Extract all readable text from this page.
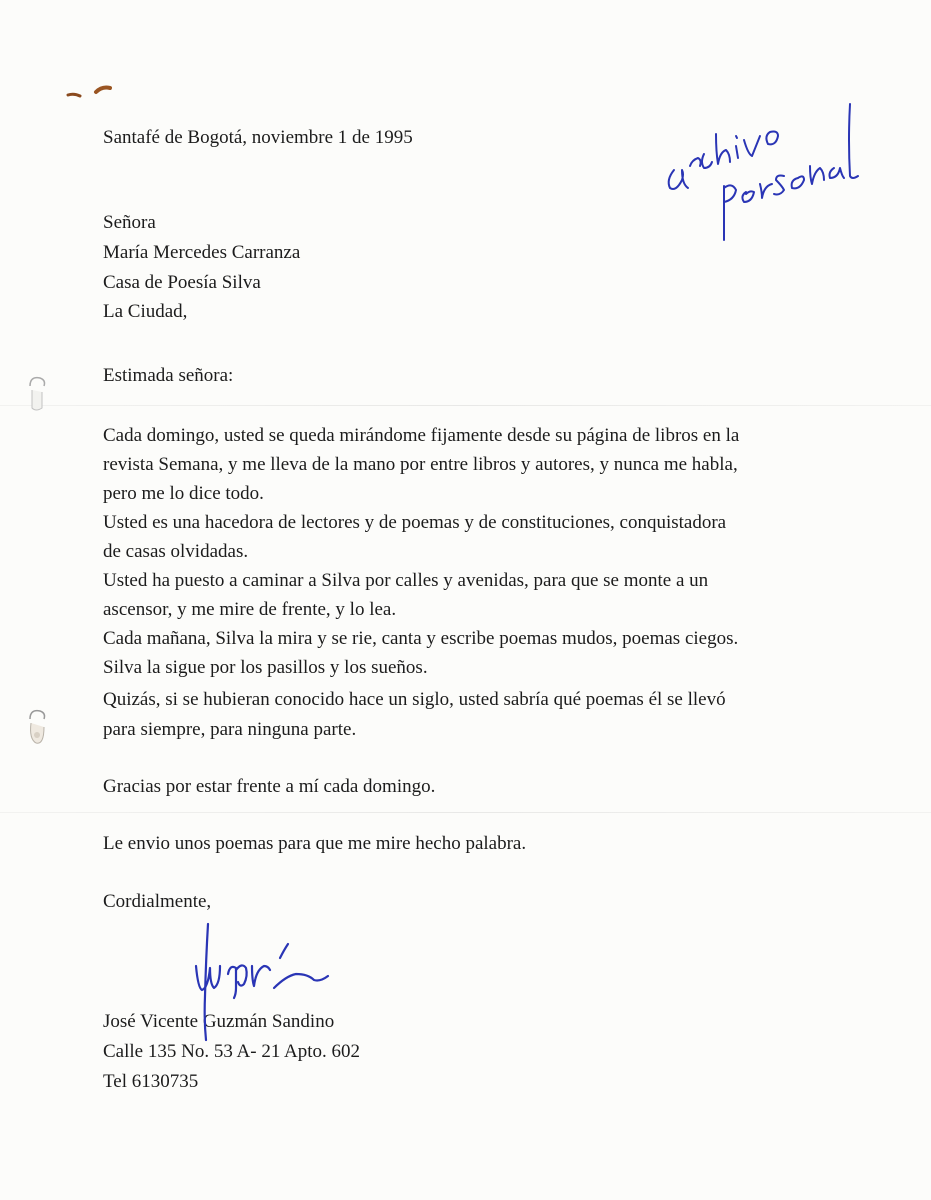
Santafé de Bogotá, noviembre 1 de 1995
Señora
María Mercedes Carranza
Casa de Poesía Silva
La Ciudad,
Estimada señora:
Cada domingo, usted se queda mirándome fijamente desde su página de libros en la
revista Semana, y me lleva de la mano por entre libros y autores, y nunca me habla,
pero me lo dice todo.
Usted es una hacedora de lectores y de poemas y de constituciones, conquistadora
de casas olvidadas.
Usted ha puesto a caminar a Silva por calles y avenidas, para que se monte a un
ascensor, y me mire de frente, y lo lea.
Cada mañana, Silva la mira y se rie, canta y escribe poemas mudos, poemas ciegos.
Silva la sigue por los pasillos y los sueños.
Quizás, si se hubieran conocido hace un siglo, usted sabría qué poemas él se llevó
para siempre, para ninguna parte.
Gracias por estar frente a mí cada domingo.
Le envio unos poemas para que me mire hecho palabra.
Cordialmente,
José Vicente Guzmán Sandino
Calle 135 No. 53 A- 21 Apto. 602
Tel 6130735
